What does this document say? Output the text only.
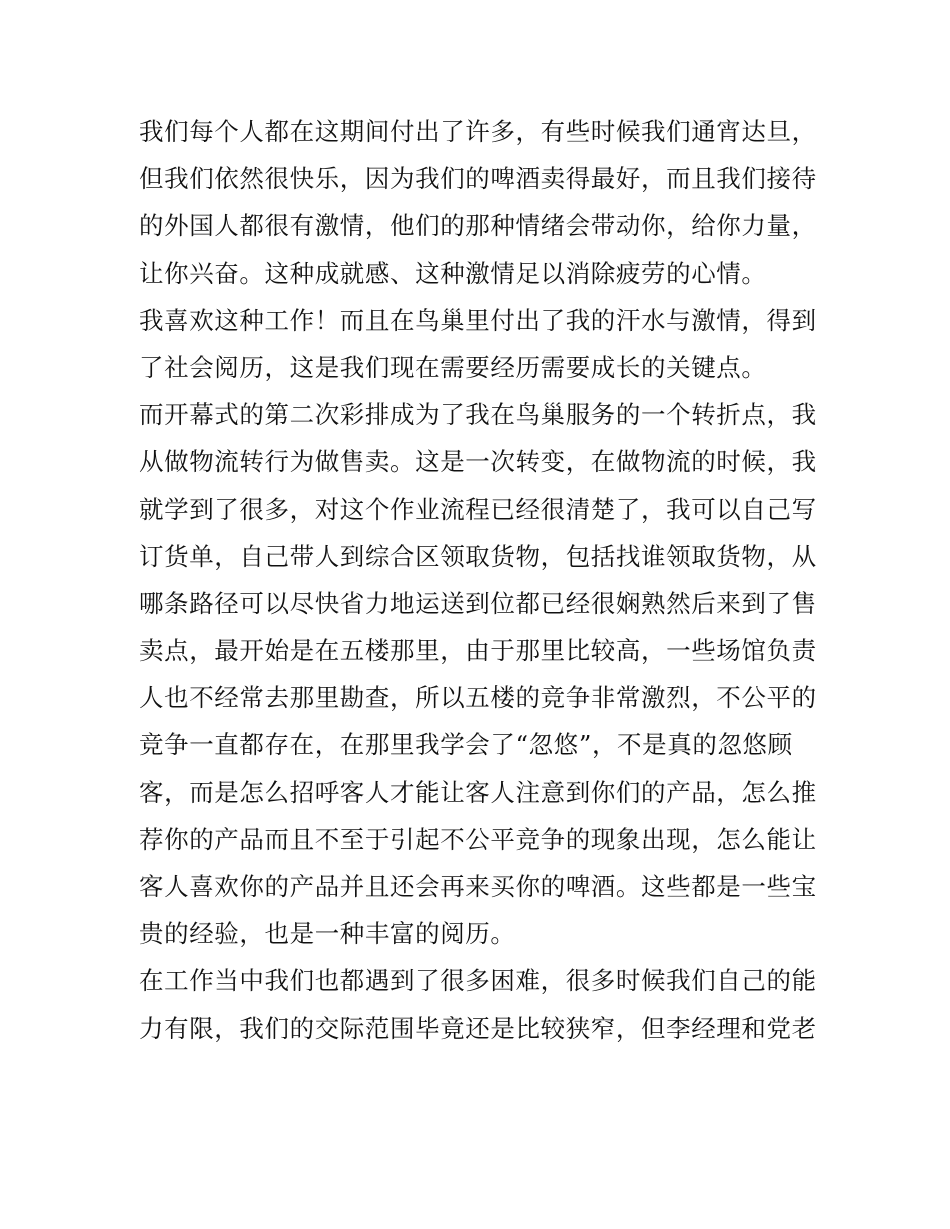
我们每个人都在这期间付出了许多，有些时候我们通宵达旦，
但我们依然很快乐，因为我们的啤酒卖得最好，而且我们接待
的外国人都很有激情，他们的那种情绪会带动你，给你力量，
让你兴奋。这种成就感、这种激情足以消除疲劳的心情。
我喜欢这种工作！而且在鸟巢里付出了我的汗水与激情，得到
了社会阅历，这是我们现在需要经历需要成长的关键点。
而开幕式的第二次彩排成为了我在鸟巢服务的一个转折点，我
从做物流转行为做售卖。这是一次转变，在做物流的时候，我
就学到了很多，对这个作业流程已经很清楚了，我可以自己写
订货单，自己带人到综合区领取货物，包括找谁领取货物，从
哪条路径可以尽快省力地运送到位都已经很娴熟然后来到了售
卖点，最开始是在五楼那里，由于那里比较高，一些场馆负责
人也不经常去那里勘查，所以五楼的竞争非常激烈，不公平的
竞争一直都存在，在那里我学会了“忽悠”，不是真的忽悠顾
客，而是怎么招呼客人才能让客人注意到你们的产品，怎么推
荐你的产品而且不至于引起不公平竞争的现象出现，怎么能让
客人喜欢你的产品并且还会再来买你的啤酒。这些都是一些宝
贵的经验，也是一种丰富的阅历。
在工作当中我们也都遇到了很多困难，很多时候我们自己的能
力有限，我们的交际范围毕竟还是比较狭窄，但李经理和党老
